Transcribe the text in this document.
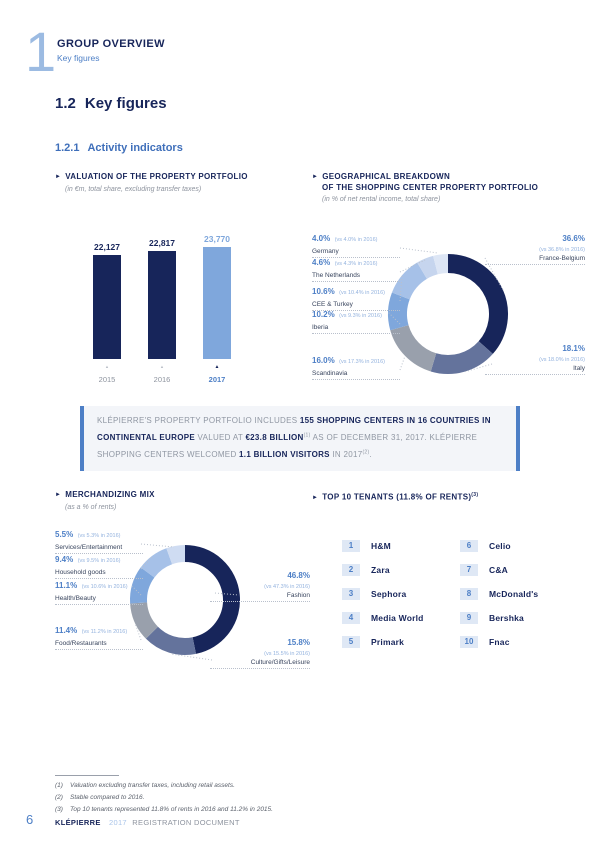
1 GROUP OVERVIEW
Key figures
1.2 Key figures
1.2.1 Activity indicators
► VALUATION OF THE PROPERTY PORTFOLIO
(in €m, total share, excluding transfer taxes)
22,127
▲
2015
22,817
▲
2016
23,770
▲
2017
► GEOGRAPHICAL BREAKDOWN
OF THE SHOPPING CENTER PROPERTY PORTFOLIO
(in % of net rental income, total share)
4.0% (vs 4.0% in 2016)
Germany
4.6% (vs 4.3% in 2016)
The Netherlands
10.6% (vs 10.4% in 2016)
CEE & Turkey
10.2% (vs 9.3% in 2016)
Iberia
16.0% (vs 17.3% in 2016)
Scandinavia
36.6%
(vs 36.8% in 2016)
France-Belgium
18.1%
(vs 18.0% in 2016)
Italy
KLÉPIERRE'S PROPERTY PORTFOLIO INCLUDES 155 SHOPPING CENTERS IN 16 COUNTRIES IN CONTINENTAL EUROPE VALUED AT €23.8 BILLION$^{(1)}$ AS OF DECEMBER 31, 2017. KLÉPIERRE SHOPPING CENTERS WELCOMED 1.1 BILLION VISITORS IN 2017$^{(2)}$.
► MERCHANDIZING MIX
(as a % of rents)
5.5% (vs 5.3% in 2016)
Services/Entertainment
9.4% (vs 9.5% in 2016)
Household goods
11.1% (vs 10.6% in 2016)
Health/Beauty
11.4% (vs 11.2% in 2016)
Food/Restaurants
46.8%
(vs 47.3% in 2016)
Fashion
15.8%
(vs 15.5% in 2016)
Culture/Gifts/Leisure
► TOP 10 TENANTS (11.8% OF RENTS)$^{(3)}$
1	H&M
2	Zara
3	Sephora
4	Media World
5	Primark
6	Celio
7	C&A
8	McDonald's
9	Bershka
10	Fnac
(1)	Valuation excluding transfer taxes, including retail assets.
(2)	Stable compared to 2016.
(3)	Top 10 tenants represented 11.8% of rents in 2016 and 11.2% in 2015.
6	KLÉPIERRE 2017 REGISTRATION DOCUMENT
